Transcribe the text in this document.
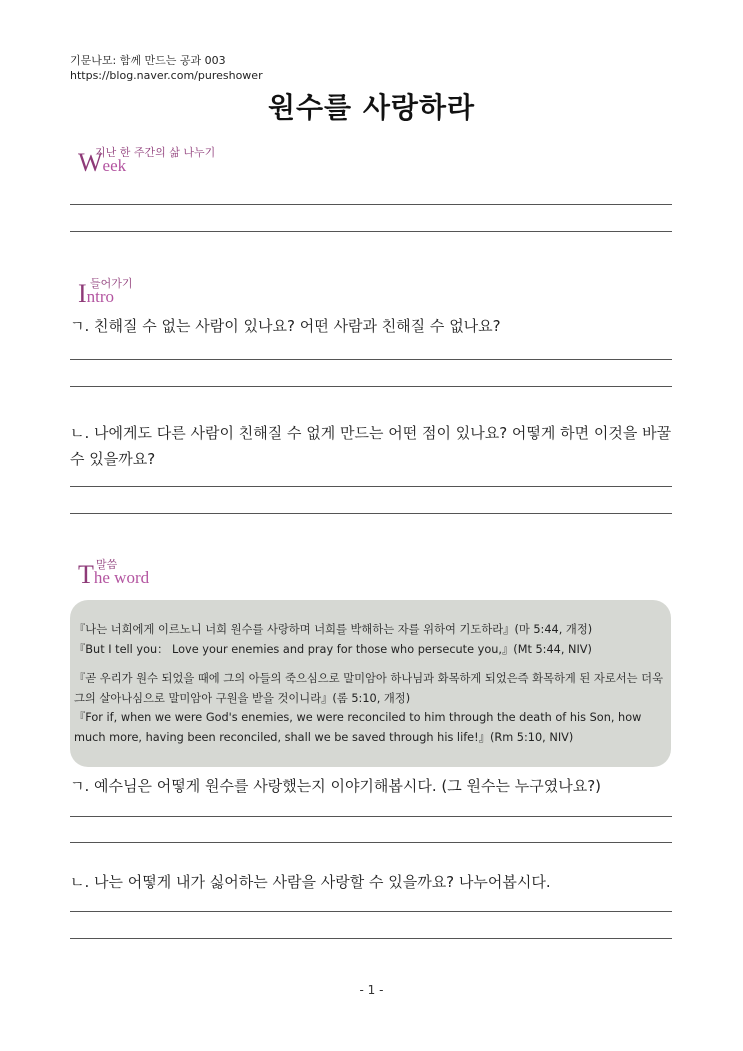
기문나모: 함께 만드는 공과 003
https://blog.naver.com/pureshower
원수를 사랑하라
Week
지난 한 주간의 삶 나누기
Intro
들어가기
ㄱ. 친해질 수 없는 사람이 있나요? 어떤 사람과 친해질 수 없나요?
ㄴ. 나에게도 다른 사람이 친해질 수 없게 만드는 어떤 점이 있나요? 어떻게 하면 이것을 바꿀 수 있을까요?
The word
말씀

『나는 너희에게 이르노니 너희 원수를 사랑하며 너희를 박해하는 자를 위하여 기도하라』(마 5:44, 개정)

『But I tell you： Love your enemies and pray for those who persecute you,』(Mt 5:44, NIV)

『곧 우리가 원수 되었을 때에 그의 아들의 죽으심으로 말미암아 하나님과 화목하게 되었은즉 화목하게 된 자로서는 더욱 그의 살아나심으로 말미암아 구원을 받을 것이니라』(롬 5:10, 개정)

『For if, when we were God's enemies, we were reconciled to him through the death of his Son, how much more, having been reconciled, shall we be saved through his life!』(Rm 5:10, NIV)

ㄱ. 예수님은 어떻게 원수를 사랑했는지 이야기해봅시다. (그 원수는 누구였나요?)
ㄴ. 나는 어떻게 내가 싫어하는 사람을 사랑할 수 있을까요? 나누어봅시다.
- 1 -
